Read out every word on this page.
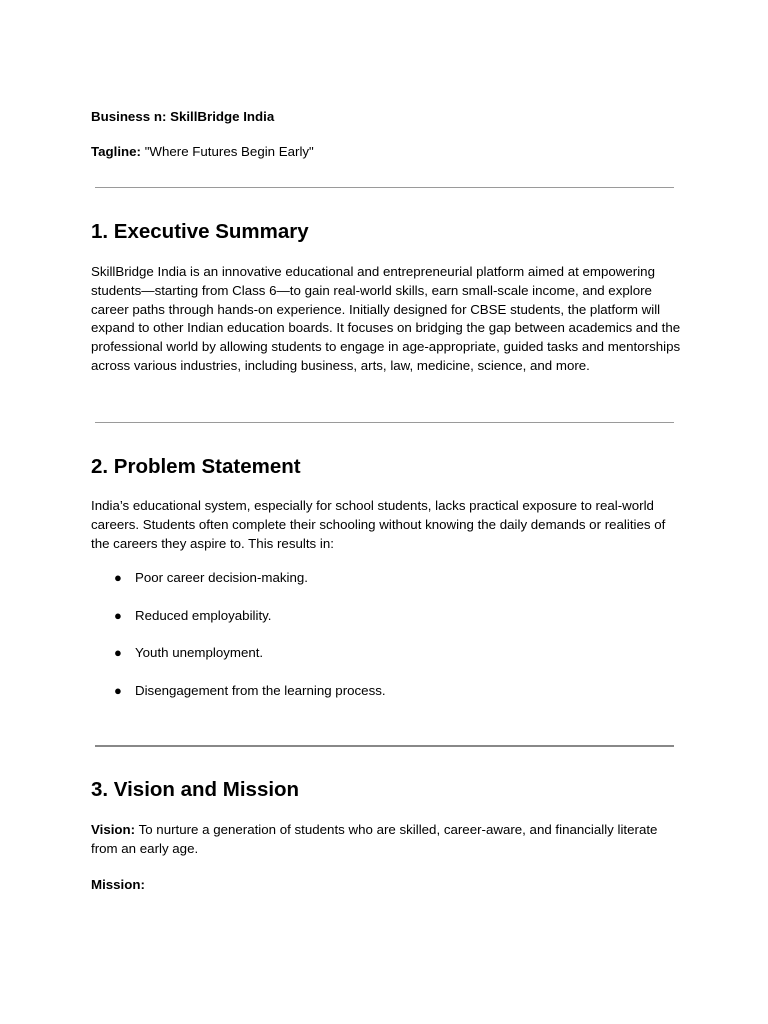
Business n: SkillBridge India

Tagline: "Where Futures Begin Early"

1. Executive Summary

SkillBridge India is an innovative educational and entrepreneurial platform aimed at empowering students—starting from Class 6—to gain real-world skills, earn small-scale income, and explore career paths through hands-on experience. Initially designed for CBSE students, the platform will expand to other Indian education boards. It focuses on bridging the gap between academics and the professional world by allowing students to engage in age-appropriate, guided tasks and mentorships across various industries, including business, arts, law, medicine, science, and more.

2. Problem Statement

India’s educational system, especially for school students, lacks practical exposure to real-world careers. Students often complete their schooling without knowing the daily demands or realities of the careers they aspire to. This results in:

● Poor career decision-making.
● Reduced employability.
● Youth unemployment.
● Disengagement from the learning process.
3. Vision and Mission

Vision: To nurture a generation of students who are skilled, career-aware, and financially literate from an early age.

Mission:
